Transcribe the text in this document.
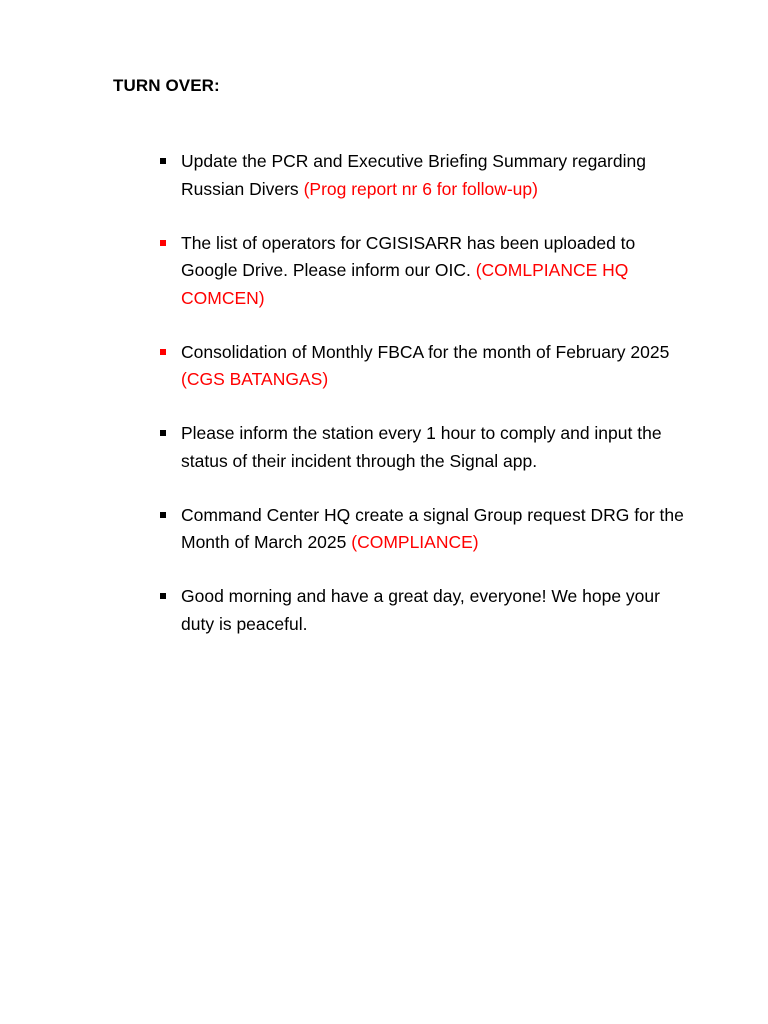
TURN OVER:
Update the PCR and Executive Briefing Summary regarding Russian Divers (Prog report nr 6 for follow-up)
The list of operators for CGISISARR has been uploaded to Google Drive. Please inform our OIC. (COMLPIANCE HQ COMCEN)
Consolidation of Monthly FBCA for the month of February 2025 (CGS BATANGAS)
Please inform the station every 1 hour to comply and input the status of their incident through the Signal app.
Command Center HQ create a signal Group request DRG for the Month of March 2025 (COMPLIANCE)
Good morning and have a great day, everyone! We hope your duty is peaceful.
